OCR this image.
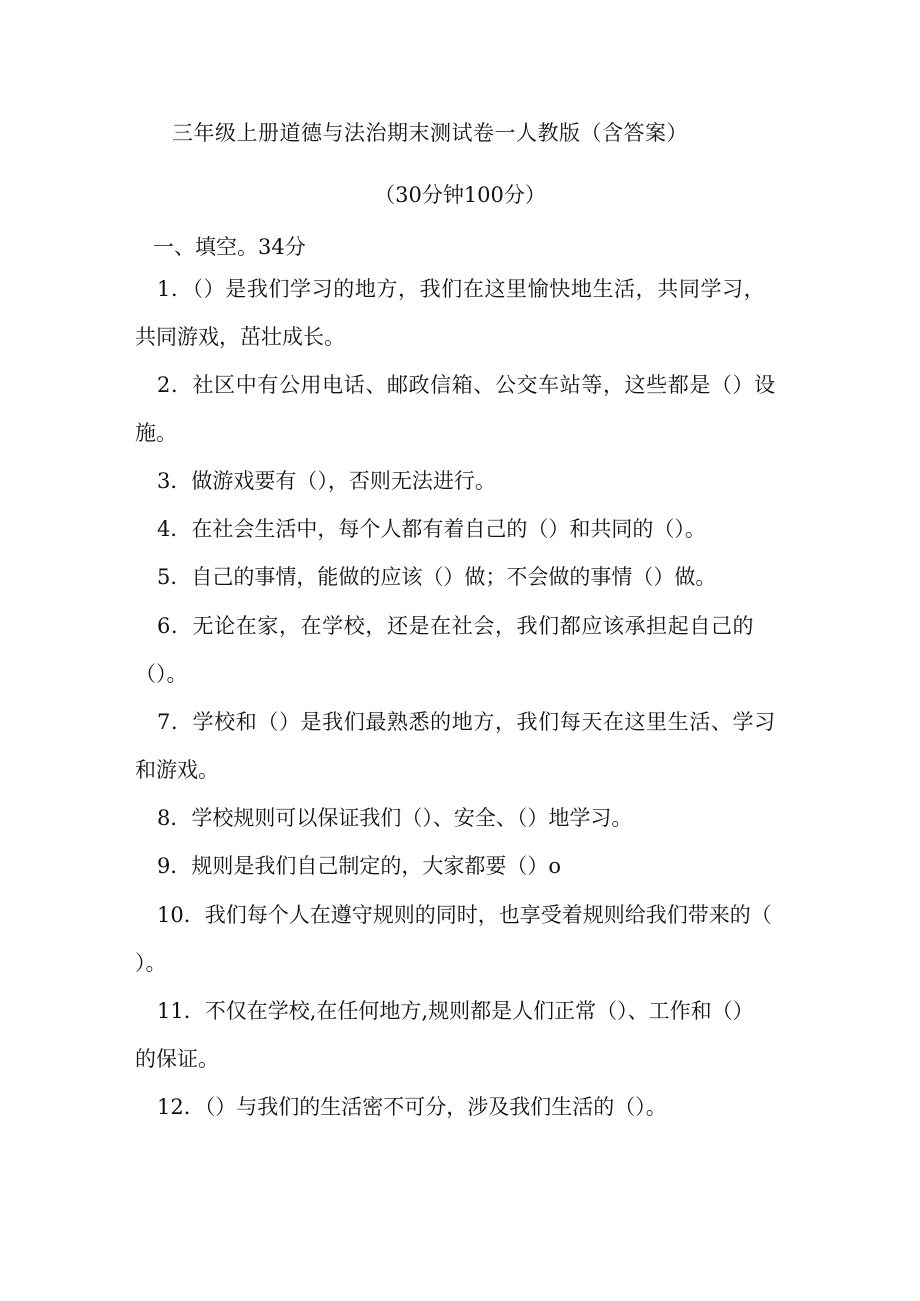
三年级上册道德与法治期末测试卷一人教版（含答案）
（30分钟100分）
一、填空。34分
1．（）是我们学习的地方，我们在这里愉快地生活，共同学习，
共同游戏，茁壮成长。
2．社区中有公用电话、邮政信箱、公交车站等，这些都是（）设
施。
3．做游戏要有（），否则无法进行。
4．在社会生活中，每个人都有着自己的（）和共同的（）。
5．自己的事情，能做的应该（）做；不会做的事情（）做。
6．无论在家，在学校，还是在社会，我们都应该承担起自己的
（）。
7．学校和（）是我们最熟悉的地方，我们每天在这里生活、学习
和游戏。
8．学校规则可以保证我们（）、安全、（）地学习。
9．规则是我们自己制定的，大家都要（）o
10．我们每个人在遵守规则的同时，也享受着规则给我们带来的（
）。
11．不仅在学校,在任何地方,规则都是人们正常（）、工作和（）
的保证。
12．（）与我们的生活密不可分，涉及我们生活的（）。
